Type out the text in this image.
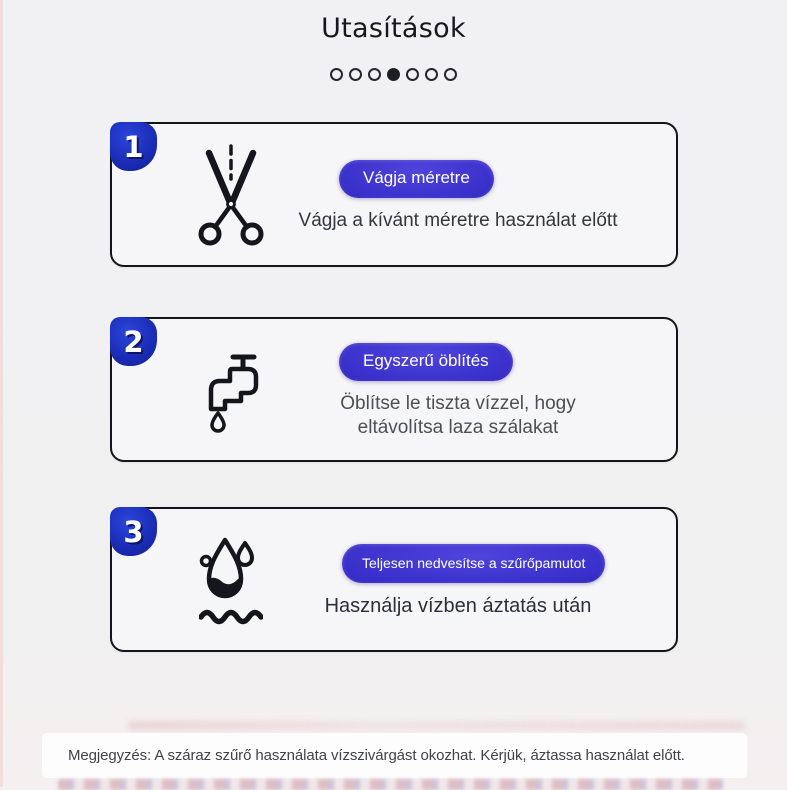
Utasítások
1
Vágja méretre
Vágja a kívánt méretre használat előtt
2
Egyszerű öblítés
Öblítse le tiszta vízzel, hogy eltávolítsa laza szálakat
3
Teljesen nedvesítse a szűrőpamutot
Használja vízben áztatás után
Megjegyzés: A száraz szűrő használata vízszivárgást okozhat. Kérjük, áztassa használat előtt.
